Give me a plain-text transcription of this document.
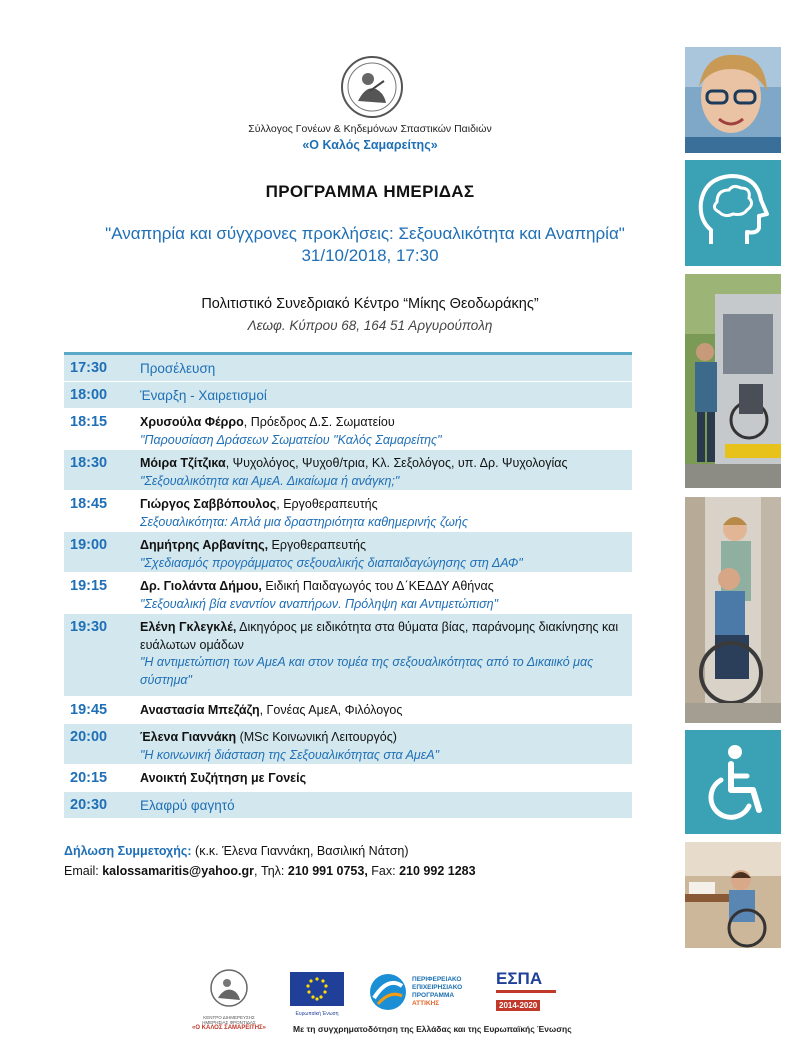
Σύλλογος Γονέων & Κηδεμόνων Σπαστικών Παιδιών
«Ο Καλός Σαμαρείτης»
ΠΡΟΓΡΑΜΜΑ ΗΜΕΡΙΔΑΣ
"Αναπηρία και σύγχρονες προκλήσεις: Σεξουαλικότητα και Αναπηρία"
31/10/2018, 17:30
Πολιτιστικό Συνεδριακό Κέντρο “Μίκης Θεοδωράκης”
Λεωφ. Κύπρου 68, 164 51 Αργυρούπολη
17:30	Προσέλευση
18:00	Έναρξη - Χαιρετισμοί
18:15	Χρυσούλα Φέρρο, Πρόεδρος Δ.Σ. Σωματείου
"Παρουσίαση Δράσεων Σωματείου "Καλός Σαμαρείτης"
18:30	Μόιρα Τζίτζικα, Ψυχολόγος, Ψυχοθ/τρια, Κλ. Σεξολόγος, υπ. Δρ. Ψυχολογίας
"Σεξουαλικότητα και ΑμεΑ. Δικαίωμα ή ανάγκη;"
18:45	Γιώργος Σαββόπουλος, Εργοθεραπευτής
Σεξουαλικότητα: Απλά μια δραστηριότητα καθημερινής ζωής
19:00	Δημήτρης Αρβανίτης, Εργοθεραπευτής
"Σχεδιασμός προγράμματος σεξουαλικής διαπαιδαγώγησης στη ΔΑΦ"
19:15	Δρ. Γιολάντα Δήμου, Ειδική Παιδαγωγός του Δ΄ΚΕΔΔΥ Αθήνας
"Σεξουαλική βία εναντίον αναπήρων. Πρόληψη και Αντιμετώπιση"
19:30	Ελένη Γκλεγκλέ, Δικηγόρος με ειδικότητα στα θύματα βίας, παράνομης διακίνησης και ευάλωτων ομάδων
"Η αντιμετώπιση των ΑμεΑ και στον τομέα της σεξουαλικότητας από το Δικαιικό μας σύστημα"
19:45	Αναστασία Μπεζάζη, Γονέας ΑμεΑ, Φιλόλογος
20:00	Έλενα Γιαννάκη (MSc Κοινωνική Λειτουργός)
"Η κοινωνική διάσταση της Σεξουαλικότητας στα ΑμεΑ"
20:15	Ανοικτή Συζήτηση με Γονείς
20:30	Ελαφρύ φαγητό
Δήλωση Συμμετοχής: (κ.κ. Έλενα Γιαννάκη, Βασιλική Νάτση)
Email: kalossamaritis@yahoo.gr, Τηλ: 210 991 0753, Fax: 210 992 1283
ΚΕΝΤΡΟ ΔΙΗΜΕΡΕΥΣΗΣ ΗΜΕΡΗΣΙΑΣ ΦΡΟΝΤΙΔΑΣ
«Ο ΚΑΛΟΣ ΣΑΜΑΡΕΙΤΗΣ»
Ευρωπαϊκή Ένωση
ΠΕΡΙΦΕΡΕΙΑΚΟ
ΕΠΙΧΕΙΡΗΣΙΑΚΟ
ΠΡΟΓΡΑΜΜΑ
ΑΤΤΙΚΗΣ
ΕΣΠΑ
2014-2020
Με τη συγχρηματοδότηση της Ελλάδας και της Ευρωπαϊκής Ένωσης
